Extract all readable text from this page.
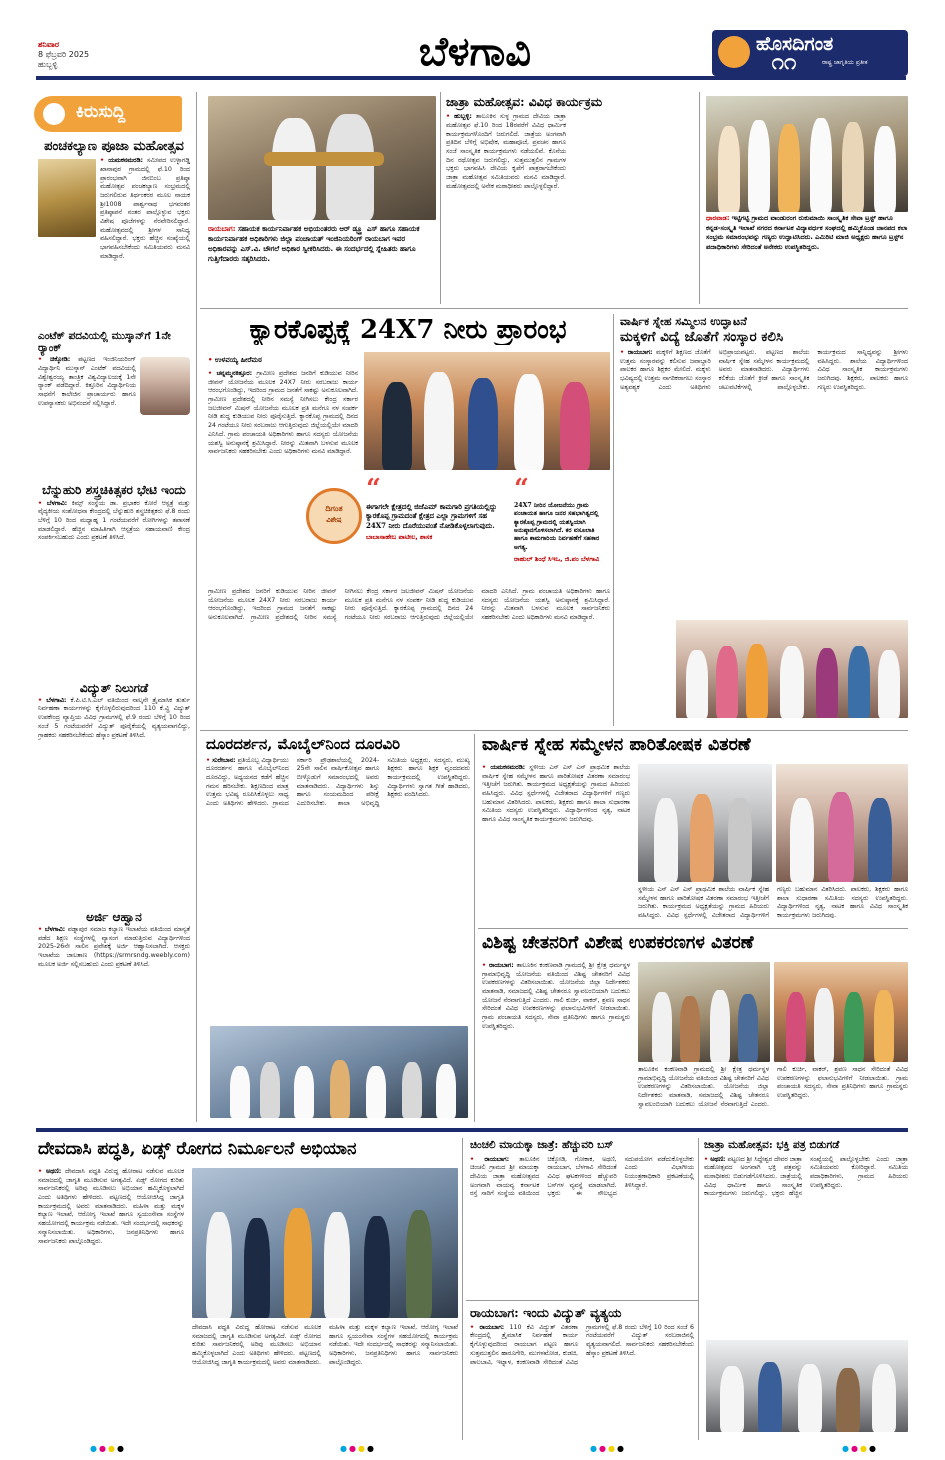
ಶನಿವಾರ
8 ಫೆಬ್ರವರಿ 2025
ಹುಬ್ಬಳ್ಳಿ	ಬೆಳಗಾವಿ	ಹೊಸದಿಗಂತ
ರಾಷ್ಟ್ರ ಜಾಗೃತಿಯ ಪ್ರತೀಕ
೧೧
ಕಿರುಸುದ್ದಿ
ಪಂಚಕಲ್ಯಾಣ ಪೂಜಾ ಮಹೋತ್ಸವ
• ಯಮಕನಮರಡಿ: ಸಮೀಪದ ಉಳ್ಳಾಗಡ್ಡಿ ಖಾನಾಪುರ ಗ್ರಾಮದಲ್ಲಿ ಫೆ.10 ರಿಂದ ಪ್ರಾರಂಭವಾಗಿ ಜಿನಬಿಂಬ ಪ್ರತಿಷ್ಠಾ ಮಹೋತ್ಸವ ಪಂಚಕಲ್ಯಾಣ ಸಂಭ್ರಮದಲ್ಲಿ ಜರುಗಲಿರುವ ತಿರ್ಥಂಕರರ ಮೂಲ ನಾಯಕ ಶ್ರೀ1008 ಪಾರ್ಶ್ವನಾಥ ಭಗವಂತರ ಪ್ರತಿಷ್ಠಾಪನೆ ನಂತರ ಪಾಲ್ಗೊಳ್ಳುವ ಭಕ್ತರು ವಿಶೇಷ ಪೂಜೆಗಳನ್ನು ನೆರವೇರಿಸಲಿದ್ದಾರೆ. ಮಹೋತ್ಸವದಲ್ಲಿ ಶ್ರೀಗಳ ಸಾನಿಧ್ಯ ವಹಿಸಲಿದ್ದಾರೆ. ಭಕ್ತರು ಹೆಚ್ಚಿನ ಸಂಖ್ಯೆಯಲ್ಲಿ ಭಾಗವಹಿಸಬೇಕೆಂದು ಸಮಿತಿಯವರು ಮನವಿ ಮಾಡಿದ್ದಾರೆ.
ಎಂಟೆಕ್ ಪದವಿಯಲ್ಲಿ ಮುಸ್ಕಾನ್‌ಗೆ 1ನೇ ರ‍್ಯಾಂಕ್
• ಚಿಕ್ಕೋಡಿ: ಪಟ್ಟಣದ ಇಂಜಿನಿಯರಿಂಗ್ ವಿದ್ಯಾರ್ಥಿನಿ ಮುಸ್ಕಾನ್ ಎಂಟೆಕ್ ಪದವಿಯಲ್ಲಿ ವಿಶ್ವೇಶ್ವರಯ್ಯ ತಾಂತ್ರಿಕ ವಿಶ್ವವಿದ್ಯಾಲಯಕ್ಕೆ 1ನೇ ರ‍್ಯಾಂಕ್ ಪಡೆದಿದ್ದಾರೆ. ಕಿತ್ತೂರಿನ ವಿದ್ಯಾರ್ಥಿನಿಯ ಸಾಧನೆಗೆ ಕಾಲೇಜಿನ ಪ್ರಾಚಾರ್ಯರು ಹಾಗೂ ಉಪನ್ಯಾಸಕರು ಅಭಿನಂದನೆ ಸಲ್ಲಿಸಿದ್ದಾರೆ.
ಬೆನ್ನುಹುರಿ ಶಸ್ತ್ರಚಿಕಿತ್ಸಕರ ಭೇಟಿ ಇಂದು
• ಬೆಳಗಾವಿ: ಕಿಮ್ಸ್ ಸಂಸ್ಥೆಯ ಡಾ. ಪ್ರಭಾಕರ ಕೋರೆ ಆಸ್ಪತ್ರೆ ಮತ್ತು ವೈದ್ಯಕೀಯ ಸಂಶೋಧನಾ ಕೇಂದ್ರದಲ್ಲಿ ಬೆನ್ನುಹುರಿ ಶಸ್ತ್ರಚಿಕಿತ್ಸಕರು ಫೆ.8 ರಂದು ಬೆಳಿಗ್ಗೆ 10 ರಿಂದ ಮಧ್ಯಾಹ್ನ 1 ಗಂಟೆಯವರೆಗೆ ರೋಗಿಗಳನ್ನು ತಪಾಸಣೆ ಮಾಡಲಿದ್ದಾರೆ. ಹೆಚ್ಚಿನ ಮಾಹಿತಿಗಾಗಿ ಆಸ್ಪತ್ರೆಯ ಸಹಾಯವಾಣಿ ಕೇಂದ್ರ ಸಂಪರ್ಕಿಸಬಹುದು ಎಂದು ಪ್ರಕಟಣೆ ತಿಳಿಸಿದೆ.
ವಿದ್ಯುತ್ ನಿಲುಗಡೆ
• ಬೆಳಗಾವಿ: ಕೆ.ಪಿ.ಟಿ.ಸಿ.ಎಲ್ ವತಿಯಿಂದ ನಾಲ್ಕನೇ ತ್ರೈಮಾಸಿಕ ತುರ್ತು ನಿರ್ವಹಣಾ ಕಾರ್ಯಗಳನ್ನು ಕೈಗೊಳ್ಳಲಿರುವುದರಿಂದ 110 ಕೆ.ವ್ಹಿ ವಿದ್ಯುತ್ ಉಪಕೇಂದ್ರ ವ್ಯಾಪ್ತಿಯ ವಿವಿಧ ಗ್ರಾಮಗಳಲ್ಲಿ ಫೆ.9 ರಂದು ಬೆಳಿಗ್ಗೆ 10 ರಿಂದ ಸಂಜೆ 5 ಗಂಟೆಯವರೆಗೆ ವಿದ್ಯುತ್ ಪೂರೈಕೆಯಲ್ಲಿ ವ್ಯತ್ಯಯವಾಗಲಿದ್ದು, ಗ್ರಾಹಕರು ಸಹಕರಿಸಬೇಕೆಂದು ಹೆಸ್ಕಾಂ ಪ್ರಕಟಣೆ ತಿಳಿಸಿದೆ.
ಅರ್ಜಿ ಆಹ್ವಾನ
• ಬೆಳಗಾವಿ: ಪಡ್ನಾಪುರ ಸಮಾಜ ಕಲ್ಯಾಣ ಇಲಾಖೆಯ ವತಿಯಿಂದ ಮಾನ್ಯತೆ ಪಡೆದ ಶಿಕ್ಷಣ ಸಂಸ್ಥೆಗಳಲ್ಲಿ ವ್ಯಾಸಂಗ ಮಾಡುತ್ತಿರುವ ವಿದ್ಯಾರ್ಥಿಗಳಿಂದ 2025-26ನೇ ಸಾಲಿನ ಪ್ರವೇಶಕ್ಕೆ ಅರ್ಜಿ ಆಹ್ವಾನಿಸಲಾಗಿದೆ. ಆಸಕ್ತರು ಇಲಾಖೆಯ ಜಾಲತಾಣ (https://srmrsndg.weebly.com) ಮೂಲಕ ಅರ್ಜಿ ಸಲ್ಲಿಸಬಹುದು ಎಂದು ಪ್ರಕಟಣೆ ತಿಳಿಸಿದೆ.
ರಾಯಬಾಗ: ಸಹಾಯಕ ಕಾರ್ಯನಿರ್ವಾಹಕ ಅಭಿಯಂತರರು ಆರ್ ಡ್ಬ್ಲ್ಯೂ ಎಸ್ ಹಾಗೂ ಸಹಾಯಕ ಕಾರ್ಯನಿರ್ವಾಹಕ ಅಧಿಕಾರಿಗಳು ಜಿಲ್ಲಾ ಪಂಚಾಯತ್ ಇಂಜಿನಿಯರಿಂಗ್ ರಾಯಬಾಗ ಇವರ ಅಧಿಕಾರವನ್ನು ಎಸ್.ವಿ. ಚೌಗಲೆ ಅಧಿಕಾರ ಸ್ವೀಕರಿಸಿದರು. ಈ ಸಂದರ್ಭದಲ್ಲಿ ಸ್ನೇಹಿತರು ಹಾಗೂ ಗುತ್ತಿಗೆದಾರರು ಸತ್ಕರಿಸಿದರು.
ಜಾತ್ರಾ ಮಹೋತ್ಸವ: ವಿವಿಧ ಕಾರ್ಯಕ್ರಮ
• ಹುಬ್ಬಳ್ಳಿ: ತಾಲೂಕಿನ ಸುಳ್ಳ ಗ್ರಾಮದ ದೇವಿಯ ಜಾತ್ರಾ ಮಹೋತ್ಸವ ಫೆ.10 ರಿಂದ 18ರವರೆಗೆ ವಿವಿಧ ಧಾರ್ಮಿಕ ಕಾರ್ಯಕ್ರಮಗಳೊಂದಿಗೆ ಜರುಗಲಿದೆ. ಜಾತ್ರೆಯ ಅಂಗವಾಗಿ ಪ್ರತಿದಿನ ಬೆಳಿಗ್ಗೆ ಅಭಿಷೇಕ, ಮಹಾಪೂಜೆ, ಪ್ರವಚನ ಹಾಗೂ ಸಂಜೆ ಸಾಂಸ್ಕೃತಿಕ ಕಾರ್ಯಕ್ರಮಗಳು ನಡೆಯಲಿವೆ. ಕೊನೆಯ ದಿನ ರಥೋತ್ಸವ ಜರುಗಲಿದ್ದು, ಸುತ್ತಮುತ್ತಲಿನ ಗ್ರಾಮಗಳ ಭಕ್ತರು ಭಾಗವಹಿಸಿ ದೇವಿಯ ಕೃಪೆಗೆ ಪಾತ್ರರಾಗಬೇಕೆಂದು ಜಾತ್ರಾ ಮಹೋತ್ಸವ ಸಮಿತಿಯವರು ಮನವಿ ಮಾಡಿದ್ದಾರೆ. ಮಹೋತ್ಸವದಲ್ಲಿ ಅನೇಕ ಮಠಾಧೀಶರು ಪಾಲ್ಗೊಳ್ಳಲಿದ್ದಾರೆ.
ಧಾರವಾಡ: ಇಟ್ಟಿಗಟ್ಟಿ ಗ್ರಾಮದ ವಾಂಡುರಂಗ ರುಕುಮಾಯಿ ಸಾಂಸ್ಕೃತಿಕ ಸೇವಾ ಟ್ರಸ್ಟ್ ಹಾಗೂ ಕನ್ನಡ-ಸಂಸ್ಕೃತಿ ಇಲಾಖೆ ನಗರದ ಕರ್ನಾಟಕ ವಿದ್ಯಾವರ್ಧಕ ಸಂಘದಲ್ಲಿ ಹಮ್ಮಿಕೊಂಡ ಜಾನಪದ ಕಲಾ ಸಂಭ್ರಮ ಸಮಾರಂಭವನ್ನು ಗಣ್ಯರು ಉದ್ಘಾಟಿಸಿದರು. ಎಮಿರಿಟಿ ಮಾಜಿ ಅಧ್ಯಕ್ಷರು ಹಾಗೂ ಟ್ರಸ್ಟ್‌ನ ಪದಾಧಿಕಾರಿಗಳು ಸೇರಿದಂತೆ ಅನೇಕರು ಉಪಸ್ಥಿತರಿದ್ದರು.
ಕ್ಯಾರಕೊಪ್ಪಕ್ಕೆ 24X7 ನೀರು ಪ್ರಾರಂಭ
• ಉಳವಯ್ಯ ಹೀರೆಮಠ
• ಚನ್ನಮ್ಮನಕಿತ್ತೂರ: ಗ್ರಾಮೀಣ ಪ್ರದೇಶದ ಜನರಿಗೆ ಕುಡಿಯುವ ನೀರಿನ ಜೀವನ್ ಯೋಜನೆಯ ಮೂಲಕ 24X7 ನೀರು ಸರಬರಾಜು ಕಾರ್ಯ ಆರಂಭಗೊಂಡಿದ್ದು, ಇದರಿಂದ ಗ್ರಾಮದ ಜನತೆಗೆ ಸಾಕಷ್ಟು ಅನುಕೂಲವಾಗಿದೆ. ಗ್ರಾಮೀಣ ಪ್ರದೇಶದಲ್ಲಿ ನೀರಿನ ಸಮಸ್ಯೆ ನೀಗಿಸಲು ಕೇಂದ್ರ ಸರ್ಕಾರ ಜಲಜೀವನ್ ಮಿಷನ್ ಯೋಜನೆಯ ಮೂಲಕ ಪ್ರತಿ ಮನೆಗೂ ನಳ ಸಂಪರ್ಕ ನೀಡಿ ಶುದ್ಧ ಕುಡಿಯುವ ನೀರು ಪೂರೈಸುತ್ತಿದೆ. ಕ್ಯಾರಕೊಪ್ಪ ಗ್ರಾಮದಲ್ಲಿ ದಿನದ 24 ಗಂಟೆಯೂ ನೀರು ಸರಬರಾಜು ಆಗುತ್ತಿರುವುದು ಜಿಲ್ಲೆಯಲ್ಲಿಯೇ ಮಾದರಿ ಎನಿಸಿದೆ. ಗ್ರಾಮ ಪಂಚಾಯತಿ ಅಧಿಕಾರಿಗಳು ಹಾಗೂ ಸದಸ್ಯರು ಯೋಜನೆಯ ಯಶಸ್ವಿ ಅನುಷ್ಠಾನಕ್ಕೆ ಶ್ರಮಿಸಿದ್ದಾರೆ. ನೀರನ್ನು ಮಿತವಾಗಿ ಬಳಸುವ ಮೂಲಕ ಸಾರ್ವಜನಿಕರು ಸಹಕರಿಸಬೇಕು ಎಂದು ಅಧಿಕಾರಿಗಳು ಮನವಿ ಮಾಡಿದ್ದಾರೆ.
ದಿಗಂತ
ವಿಶೇಷ
“
ಈಗಾಗಲೇ ಕ್ಷೇತ್ರದಲ್ಲಿ ಜಿಜೆಎಮ್ ಕಾಮಗಾರಿ ಪ್ರಗತಿಯಲ್ಲಿದ್ದು ಕ್ಯಾರಕೊಪ್ಪ ಗ್ರಾಮದಂತೆ ಕ್ಷೇತ್ರದ ಎಲ್ಲಾ ಗ್ರಾಮಗಳಿಗೆ ಸಹ 24X7 ನೀರು ದೊರೆಯುವಂತೆ ನೋಡಿಕೊಳ್ಳಲಾಗುವುದು.
ಬಾಬಾಸಾಹೇಬ ಪಾಟೀಲ, ಶಾಸಕ
“
24X7 ನೀರಿನ ಯೋಜನೆಯು ಗ್ರಾಮ ಪಂಚಾಯತ ಹಾಗೂ ಜನರ ಸಹಭಾಗಿತ್ವದಲ್ಲಿ ಕ್ಯಾರಕೊಪ್ಪ ಗ್ರಾಮದಲ್ಲಿ ಯಶಸ್ವಿಯಾಗಿ ಅನುಷ್ಠಾನಗೊಳಿಸಲಾಗಿದೆ. ಕರ ವಸೂಲಾತಿ ಹಾಗೂ ಕಾಮಗಾರಿಯ ನಿರ್ವಹಣೆಗೆ ಸಹಕಾರ ಅಗತ್ಯ.
ರಾಹುಲ್ ಶಿಂಧೆ ಸಿಇಒ, ಜಿ.ಪಂ ಬೆಳಗಾವಿ
ಗ್ರಾಮೀಣ ಪ್ರದೇಶದ ಜನರಿಗೆ ಕುಡಿಯುವ ನೀರಿನ ಜೀವನ್ ಯೋಜನೆಯ ಮೂಲಕ 24X7 ನೀರು ಸರಬರಾಜು ಕಾರ್ಯ ಆರಂಭಗೊಂಡಿದ್ದು, ಇದರಿಂದ ಗ್ರಾಮದ ಜನತೆಗೆ ಸಾಕಷ್ಟು ಅನುಕೂಲವಾಗಿದೆ. ಗ್ರಾಮೀಣ ಪ್ರದೇಶದಲ್ಲಿ ನೀರಿನ ಸಮಸ್ಯೆ ನೀಗಿಸಲು ಕೇಂದ್ರ ಸರ್ಕಾರ ಜಲಜೀವನ್ ಮಿಷನ್ ಯೋಜನೆಯ ಮೂಲಕ ಪ್ರತಿ ಮನೆಗೂ ನಳ ಸಂಪರ್ಕ ನೀಡಿ ಶುದ್ಧ ಕುಡಿಯುವ ನೀರು ಪೂರೈಸುತ್ತಿದೆ. ಕ್ಯಾರಕೊಪ್ಪ ಗ್ರಾಮದಲ್ಲಿ ದಿನದ 24 ಗಂಟೆಯೂ ನೀರು ಸರಬರಾಜು ಆಗುತ್ತಿರುವುದು ಜಿಲ್ಲೆಯಲ್ಲಿಯೇ ಮಾದರಿ ಎನಿಸಿದೆ. ಗ್ರಾಮ ಪಂಚಾಯತಿ ಅಧಿಕಾರಿಗಳು ಹಾಗೂ ಸದಸ್ಯರು ಯೋಜನೆಯ ಯಶಸ್ವಿ ಅನುಷ್ಠಾನಕ್ಕೆ ಶ್ರಮಿಸಿದ್ದಾರೆ. ನೀರನ್ನು ಮಿತವಾಗಿ ಬಳಸುವ ಮೂಲಕ ಸಾರ್ವಜನಿಕರು ಸಹಕರಿಸಬೇಕು ಎಂದು ಅಧಿಕಾರಿಗಳು ಮನವಿ ಮಾಡಿದ್ದಾರೆ.
ವಾರ್ಷಿಕ ಸ್ನೇಹ ಸಮ್ಮಿಲನ ಉದ್ಘಾಟನೆ
ಮಕ್ಕಳಿಗೆ ವಿದ್ಯೆ ಜೊತೆಗೆ ಸಂಸ್ಕಾರ ಕಲಿಸಿ
• ರಾಯಬಾಗ: ಮಕ್ಕಳಿಗೆ ಶಿಕ್ಷಣದ ಜೊತೆಗೆ ಉತ್ತಮ ಸಂಸ್ಕಾರವನ್ನು ಕಲಿಸುವ ಜವಾಬ್ದಾರಿ ಪಾಲಕರ ಹಾಗೂ ಶಿಕ್ಷಕರ ಮೇಲಿದೆ. ಮಕ್ಕಳು ಭವಿಷ್ಯದಲ್ಲಿ ಉತ್ತಮ ನಾಗರಿಕರಾಗಲು ಸಂಸ್ಕಾರ ಅತ್ಯವಶ್ಯಕ ಎಂದು ಅತಿಥಿಗಳು ಅಭಿಪ್ರಾಯಪಟ್ಟರು. ಪಟ್ಟಣದ ಶಾಲೆಯ ವಾರ್ಷಿಕ ಸ್ನೇಹ ಸಮ್ಮೇಳನ ಕಾರ್ಯಕ್ರಮದಲ್ಲಿ ಅವರು ಮಾತನಾಡಿದರು. ವಿದ್ಯಾರ್ಥಿಗಳು ಕಲಿಕೆಯ ಜೊತೆಗೆ ಕ್ರೀಡೆ ಹಾಗೂ ಸಾಂಸ್ಕೃತಿಕ ಚಟುವಟಿಕೆಗಳಲ್ಲಿ ಪಾಲ್ಗೊಳ್ಳಬೇಕು. ಕಾರ್ಯಕ್ರಮದ ಸಾನ್ನಿಧ್ಯವನ್ನು ಶ್ರೀಗಳು ವಹಿಸಿದ್ದರು. ಶಾಲೆಯ ವಿದ್ಯಾರ್ಥಿಗಳಿಂದ ವಿವಿಧ ಸಾಂಸ್ಕೃತಿಕ ಕಾರ್ಯಕ್ರಮಗಳು ಜರುಗಿದವು. ಶಿಕ್ಷಕರು, ಪಾಲಕರು ಹಾಗೂ ಗಣ್ಯರು ಉಪಸ್ಥಿತರಿದ್ದರು.
ದೂರದರ್ಶನ, ಮೊಬೈಲ್‌ನಿಂದ ದೂರವಿರಿ
• ಸುರೇಬಾನ: ಪ್ರತಿಯೊಬ್ಬ ವಿದ್ಯಾರ್ಥಿಯು ದೂರದರ್ಶನ ಹಾಗೂ ಮೊಬೈಲ್‌ನಿಂದ ದೂರವಿದ್ದು, ಅಧ್ಯಯನದ ಕಡೆಗೆ ಹೆಚ್ಚಿನ ಗಮನ ಹರಿಸಬೇಕು. ಶಿಕ್ಷಣದಿಂದ ಮಾತ್ರ ಉತ್ತಮ ಭವಿಷ್ಯ ರೂಪಿಸಿಕೊಳ್ಳಲು ಸಾಧ್ಯ ಎಂದು ಅತಿಥಿಗಳು ಹೇಳಿದರು. ಗ್ರಾಮದ ಸರ್ಕಾರಿ ಪ್ರೌಢಶಾಲೆಯಲ್ಲಿ 2024-25ನೇ ಸಾಲಿನ ವಾರ್ಷಿಕೋತ್ಸವ ಹಾಗೂ ಬೀಳ್ಕೊಡುಗೆ ಸಮಾರಂಭದಲ್ಲಿ ಅವರು ಮಾತನಾಡಿದರು. ವಿದ್ಯಾರ್ಥಿಗಳು ಶಿಸ್ತು ಹಾಗೂ ಸಂಯಮದಿಂದ ಪರೀಕ್ಷೆ ಎದುರಿಸಬೇಕು. ಶಾಲಾ ಅಭಿವೃದ್ಧಿ ಸಮಿತಿಯ ಅಧ್ಯಕ್ಷರು, ಸದಸ್ಯರು, ಮುಖ್ಯ ಶಿಕ್ಷಕರು ಹಾಗೂ ಶಿಕ್ಷಕ ವೃಂದದವರು ಕಾರ್ಯಕ್ರಮದಲ್ಲಿ ಉಪಸ್ಥಿತರಿದ್ದರು. ವಿದ್ಯಾರ್ಥಿಗಳು ಸ್ವಾಗತ ಗೀತೆ ಹಾಡಿದರು, ಶಿಕ್ಷಕರು ವಂದಿಸಿದರು.
ವಾರ್ಷಿಕ ಸ್ನೇಹ ಸಮ್ಮೇಳನ ಪಾರಿತೋಷಕ ವಿತರಣೆ
• ಯಮಕನಮರಡಿ: ಸ್ಥಳೀಯ ಎಸ್ ಎಸ್ ಎಸ್ ಪ್ರಾಥಮಿಕ ಶಾಲೆಯ ವಾರ್ಷಿಕ ಸ್ನೇಹ ಸಮ್ಮೇಳನ ಹಾಗೂ ಪಾರಿತೋಷಕ ವಿತರಣಾ ಸಮಾರಂಭ ಇತ್ತೀಚೆಗೆ ಜರುಗಿತು. ಕಾರ್ಯಕ್ರಮದ ಅಧ್ಯಕ್ಷತೆಯನ್ನು ಗ್ರಾಮದ ಹಿರಿಯರು ವಹಿಸಿದ್ದರು. ವಿವಿಧ ಸ್ಪರ್ಧೆಗಳಲ್ಲಿ ವಿಜೇತರಾದ ವಿದ್ಯಾರ್ಥಿಗಳಿಗೆ ಗಣ್ಯರು ಬಹುಮಾನ ವಿತರಿಸಿದರು. ಪಾಲಕರು, ಶಿಕ್ಷಕರು ಹಾಗೂ ಶಾಲಾ ಸುಧಾರಣಾ ಸಮಿತಿಯ ಸದಸ್ಯರು ಉಪಸ್ಥಿತರಿದ್ದರು. ವಿದ್ಯಾರ್ಥಿಗಳಿಂದ ನೃತ್ಯ, ನಾಟಕ ಹಾಗೂ ವಿವಿಧ ಸಾಂಸ್ಕೃತಿಕ ಕಾರ್ಯಕ್ರಮಗಳು ಜರುಗಿದವು.
ಸ್ಥಳೀಯ ಎಸ್ ಎಸ್ ಎಸ್ ಪ್ರಾಥಮಿಕ ಶಾಲೆಯ ವಾರ್ಷಿಕ ಸ್ನೇಹ ಸಮ್ಮೇಳನ ಹಾಗೂ ಪಾರಿತೋಷಕ ವಿತರಣಾ ಸಮಾರಂಭ ಇತ್ತೀಚೆಗೆ ಜರುಗಿತು. ಕಾರ್ಯಕ್ರಮದ ಅಧ್ಯಕ್ಷತೆಯನ್ನು ಗ್ರಾಮದ ಹಿರಿಯರು ವಹಿಸಿದ್ದರು. ವಿವಿಧ ಸ್ಪರ್ಧೆಗಳಲ್ಲಿ ವಿಜೇತರಾದ ವಿದ್ಯಾರ್ಥಿಗಳಿಗೆ ಗಣ್ಯರು ಬಹುಮಾನ ವಿತರಿಸಿದರು. ಪಾಲಕರು, ಶಿಕ್ಷಕರು ಹಾಗೂ ಶಾಲಾ ಸುಧಾರಣಾ ಸಮಿತಿಯ ಸದಸ್ಯರು ಉಪಸ್ಥಿತರಿದ್ದರು. ವಿದ್ಯಾರ್ಥಿಗಳಿಂದ ನೃತ್ಯ, ನಾಟಕ ಹಾಗೂ ವಿವಿಧ ಸಾಂಸ್ಕೃತಿಕ ಕಾರ್ಯಕ್ರಮಗಳು ಜರುಗಿದವು.
ವಿಶಿಷ್ಟ ಚೇತನರಿಗೆ ವಿಶೇಷ ಉಪಕರಣಗಳ ವಿತರಣೆ
• ರಾಯಬಾಗ: ತಾಲೂಕಿನ ಕಂಕಣವಾಡಿ ಗ್ರಾಮದಲ್ಲಿ ಶ್ರೀ ಕ್ಷೇತ್ರ ಧರ್ಮಸ್ಥಳ ಗ್ರಾಮಾಭಿವೃದ್ಧಿ ಯೋಜನೆಯ ವತಿಯಿಂದ ವಿಶಿಷ್ಟ ಚೇತನರಿಗೆ ವಿವಿಧ ಉಪಕರಣಗಳನ್ನು ವಿತರಿಸಲಾಯಿತು. ಯೋಜನೆಯ ಜಿಲ್ಲಾ ನಿರ್ದೇಶಕರು ಮಾತನಾಡಿ, ಸಮಾಜದಲ್ಲಿ ವಿಶಿಷ್ಟ ಚೇತನರೂ ಸ್ವಾವಲಂಬಿಯಾಗಿ ಬದುಕಲು ಯೋಜನೆ ನೆರವಾಗುತ್ತಿದೆ ಎಂದರು. ಗಾಲಿ ಕುರ್ಚಿ, ವಾಕರ್, ಶ್ರವಣ ಸಾಧನ ಸೇರಿದಂತೆ ವಿವಿಧ ಉಪಕರಣಗಳನ್ನು ಫಲಾನುಭವಿಗಳಿಗೆ ನೀಡಲಾಯಿತು. ಗ್ರಾಮ ಪಂಚಾಯತಿ ಸದಸ್ಯರು, ಸೇವಾ ಪ್ರತಿನಿಧಿಗಳು ಹಾಗೂ ಗ್ರಾಮಸ್ಥರು ಉಪಸ್ಥಿತರಿದ್ದರು.
ತಾಲೂಕಿನ ಕಂಕಣವಾಡಿ ಗ್ರಾಮದಲ್ಲಿ ಶ್ರೀ ಕ್ಷೇತ್ರ ಧರ್ಮಸ್ಥಳ ಗ್ರಾಮಾಭಿವೃದ್ಧಿ ಯೋಜನೆಯ ವತಿಯಿಂದ ವಿಶಿಷ್ಟ ಚೇತನರಿಗೆ ವಿವಿಧ ಉಪಕರಣಗಳನ್ನು ವಿತರಿಸಲಾಯಿತು. ಯೋಜನೆಯ ಜಿಲ್ಲಾ ನಿರ್ದೇಶಕರು ಮಾತನಾಡಿ, ಸಮಾಜದಲ್ಲಿ ವಿಶಿಷ್ಟ ಚೇತನರೂ ಸ್ವಾವಲಂಬಿಯಾಗಿ ಬದುಕಲು ಯೋಜನೆ ನೆರವಾಗುತ್ತಿದೆ ಎಂದರು. ಗಾಲಿ ಕುರ್ಚಿ, ವಾಕರ್, ಶ್ರವಣ ಸಾಧನ ಸೇರಿದಂತೆ ವಿವಿಧ ಉಪಕರಣಗಳನ್ನು ಫಲಾನುಭವಿಗಳಿಗೆ ನೀಡಲಾಯಿತು. ಗ್ರಾಮ ಪಂಚಾಯತಿ ಸದಸ್ಯರು, ಸೇವಾ ಪ್ರತಿನಿಧಿಗಳು ಹಾಗೂ ಗ್ರಾಮಸ್ಥರು ಉಪಸ್ಥಿತರಿದ್ದರು.
ದೇವದಾಸಿ ಪದ್ಧತಿ, ಏಡ್ಸ್ ರೋಗದ ನಿರ್ಮೂಲನೆ ಅಭಿಯಾನ
• ಅಥಣಿ: ದೇವದಾಸಿ ಪದ್ಧತಿ ವಿರುದ್ಧ ಹೋರಾಟ ನಡೆಸುವ ಮೂಲಕ ಸಮಾಜದಲ್ಲಿ ಜಾಗೃತಿ ಮೂಡಿಸುವ ಅಗತ್ಯವಿದೆ. ಏಡ್ಸ್ ರೋಗದ ಕುರಿತು ಸಾರ್ವಜನಿಕರಲ್ಲಿ ಅರಿವು ಮೂಡಿಸಲು ಅಭಿಯಾನ ಹಮ್ಮಿಕೊಳ್ಳಲಾಗಿದೆ ಎಂದು ಅತಿಥಿಗಳು ಹೇಳಿದರು. ಪಟ್ಟಣದಲ್ಲಿ ಆಯೋಜಿಸಿದ್ದ ಜಾಗೃತಿ ಕಾರ್ಯಕ್ರಮದಲ್ಲಿ ಅವರು ಮಾತನಾಡಿದರು. ಮಹಿಳಾ ಮತ್ತು ಮಕ್ಕಳ ಕಲ್ಯಾಣ ಇಲಾಖೆ, ಆರೋಗ್ಯ ಇಲಾಖೆ ಹಾಗೂ ಸ್ವಯಂಸೇವಾ ಸಂಸ್ಥೆಗಳ ಸಹಯೋಗದಲ್ಲಿ ಕಾರ್ಯಕ್ರಮ ನಡೆಯಿತು. ಇದೇ ಸಂದರ್ಭದಲ್ಲಿ ಸಾಧಕರನ್ನು ಸನ್ಮಾನಿಸಲಾಯಿತು. ಅಧಿಕಾರಿಗಳು, ಜನಪ್ರತಿನಿಧಿಗಳು ಹಾಗೂ ಸಾರ್ವಜನಿಕರು ಪಾಲ್ಗೊಂಡಿದ್ದರು.
ದೇವದಾಸಿ ಪದ್ಧತಿ ವಿರುದ್ಧ ಹೋರಾಟ ನಡೆಸುವ ಮೂಲಕ ಸಮಾಜದಲ್ಲಿ ಜಾಗೃತಿ ಮೂಡಿಸುವ ಅಗತ್ಯವಿದೆ. ಏಡ್ಸ್ ರೋಗದ ಕುರಿತು ಸಾರ್ವಜನಿಕರಲ್ಲಿ ಅರಿವು ಮೂಡಿಸಲು ಅಭಿಯಾನ ಹಮ್ಮಿಕೊಳ್ಳಲಾಗಿದೆ ಎಂದು ಅತಿಥಿಗಳು ಹೇಳಿದರು. ಪಟ್ಟಣದಲ್ಲಿ ಆಯೋಜಿಸಿದ್ದ ಜಾಗೃತಿ ಕಾರ್ಯಕ್ರಮದಲ್ಲಿ ಅವರು ಮಾತನಾಡಿದರು. ಮಹಿಳಾ ಮತ್ತು ಮಕ್ಕಳ ಕಲ್ಯಾಣ ಇಲಾಖೆ, ಆರೋಗ್ಯ ಇಲಾಖೆ ಹಾಗೂ ಸ್ವಯಂಸೇವಾ ಸಂಸ್ಥೆಗಳ ಸಹಯೋಗದಲ್ಲಿ ಕಾರ್ಯಕ್ರಮ ನಡೆಯಿತು. ಇದೇ ಸಂದರ್ಭದಲ್ಲಿ ಸಾಧಕರನ್ನು ಸನ್ಮಾನಿಸಲಾಯಿತು. ಅಧಿಕಾರಿಗಳು, ಜನಪ್ರತಿನಿಧಿಗಳು ಹಾಗೂ ಸಾರ್ವಜನಿಕರು ಪಾಲ್ಗೊಂಡಿದ್ದರು.
ಚಿಂಚಲಿ ಮಾಯಕ್ಕಾ ಜಾತ್ರೆ: ಹೆಚ್ಚುವರಿ ಬಸ್
• ರಾಯಬಾಗ: ತಾಲೂಕಿನ ಚಿಂಚಲಿ ಗ್ರಾಮದ ಶ್ರೀ ಮಾಯಕ್ಕಾ ದೇವಿಯ ಜಾತ್ರಾ ಮಹೋತ್ಸವದ ಅಂಗವಾಗಿ ವಾಯವ್ಯ ಕರ್ನಾಟಕ ರಸ್ತೆ ಸಾರಿಗೆ ಸಂಸ್ಥೆಯ ವತಿಯಿಂದ ಚಿಕ್ಕೋಡಿ, ಗೋಕಾಕ, ಅಥಣಿ, ರಾಯಬಾಗ, ಬೆಳಗಾವಿ ಸೇರಿದಂತೆ ವಿವಿಧ ಘಟಕಗಳಿಂದ ಹೆಚ್ಚುವರಿ ಬಸ್‌ಗಳ ವ್ಯವಸ್ಥೆ ಮಾಡಲಾಗಿದೆ. ಭಕ್ತರು ಈ ಸೌಲಭ್ಯದ ಸದುಪಯೋಗ ಪಡೆದುಕೊಳ್ಳಬೇಕು ಎಂದು ವಿಭಾಗೀಯ ನಿಯಂತ್ರಣಾಧಿಕಾರಿ ಪ್ರಕಟಣೆಯಲ್ಲಿ ತಿಳಿಸಿದ್ದಾರೆ.
ರಾಯಬಾಗ: ಇಂದು ವಿದ್ಯುತ್ ವ್ಯತ್ಯಯ
• ರಾಯಬಾಗ: 110 ಕೆವಿ ವಿದ್ಯುತ್ ವಿತರಣಾ ಕೇಂದ್ರದಲ್ಲಿ ತ್ರೈಮಾಸಿಕ ನಿರ್ವಹಣೆ ಕಾರ್ಯ ಕೈಗೊಳ್ಳುವುದರಿಂದ ರಾಯಬಾಗ ಪಟ್ಟಣ ಹಾಗೂ ಸುತ್ತಮುತ್ತಲಿನ ಹಾರೂಗೇರಿ, ಮುಗಳಖೋಡ, ಕುಡಚಿ, ಪಾಲಬಾವಿ, ಇಟ್ನಾಳ, ಕಂಕಣವಾಡಿ ಸೇರಿದಂತೆ ವಿವಿಧ ಗ್ರಾಮಗಳಲ್ಲಿ ಫೆ.8 ರಂದು ಬೆಳಿಗ್ಗೆ 10 ರಿಂದ ಸಂಜೆ 6 ಗಂಟೆಯವರೆಗೆ ವಿದ್ಯುತ್ ಸರಬರಾಜಿನಲ್ಲಿ ವ್ಯತ್ಯಯವಾಗಲಿದೆ. ಸಾರ್ವಜನಿಕರು ಸಹಕರಿಸಬೇಕೆಂದು ಹೆಸ್ಕಾಂ ಪ್ರಕಟಣೆ ತಿಳಿಸಿದೆ.
ಜಾತ್ರಾ ಮಹೋತ್ಸವ: ಭಕ್ತಿ ಪತ್ರ ಬಿಡುಗಡೆ
• ಅಥಣಿ: ಪಟ್ಟಣದ ಶ್ರೀ ಸಿದ್ಧೇಶ್ವರ ದೇವರ ಜಾತ್ರಾ ಮಹೋತ್ಸವದ ಅಂಗವಾಗಿ ಭಕ್ತಿ ಪತ್ರವನ್ನು ಮಠಾಧೀಶರು ಬಿಡುಗಡೆಗೊಳಿಸಿದರು. ಜಾತ್ರೆಯಲ್ಲಿ ವಿವಿಧ ಧಾರ್ಮಿಕ ಹಾಗೂ ಸಾಂಸ್ಕೃತಿಕ ಕಾರ್ಯಕ್ರಮಗಳು ಜರುಗಲಿದ್ದು, ಭಕ್ತರು ಹೆಚ್ಚಿನ ಸಂಖ್ಯೆಯಲ್ಲಿ ಪಾಲ್ಗೊಳ್ಳಬೇಕು ಎಂದು ಜಾತ್ರಾ ಸಮಿತಿಯವರು ಕೋರಿದ್ದಾರೆ. ಸಮಿತಿಯ ಪದಾಧಿಕಾರಿಗಳು, ಗ್ರಾಮದ ಹಿರಿಯರು ಉಪಸ್ಥಿತರಿದ್ದರು.
●●●●	●●●●	●●●●	●●●●
